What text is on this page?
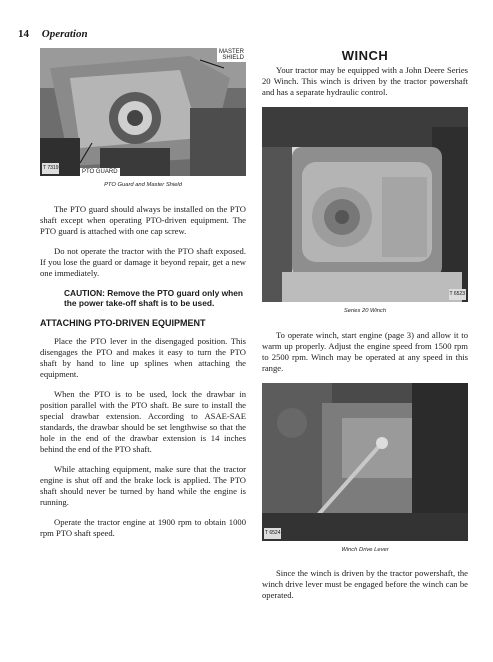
14 Operation
MASTER
SHIELD
PTO GUARD
T 7319
PTO Guard and Master Shield

The PTO guard should always be installed on the PTO shaft except when operating PTO-driven equipment. The PTO guard is attached with one cap screw.

Do not operate the tractor with the PTO shaft exposed. If you lose the guard or damage it beyond repair, get a new one immediately.

CAUTION: Remove the PTO guard only when the power take-off shaft is to be used.
ATTACHING PTO-DRIVEN EQUIPMENT

Place the PTO lever in the disengaged position. This disengages the PTO and makes it easy to turn the PTO shaft by hand to line up splines when attaching the equipment.

When the PTO is to be used, lock the drawbar in position parallel with the PTO shaft. Be sure to install the special drawbar extension. According to ASAE-SAE standards, the drawbar should be set lengthwise so that the hole in the end of the drawbar extension is 14 inches behind the end of the PTO shaft.

While attaching equipment, make sure that the tractor engine is shut off and the brake lock is applied. The PTO shaft should never be turned by hand while the engine is running.

Operate the tractor engine at 1900 rpm to obtain 1000 rpm PTO shaft speed.

WINCH

Your tractor may be equipped with a John Deere Series 20 Winch. This winch is driven by the tractor powershaft and has a separate hydraulic control.

T 6523
Series 20 Winch

To operate winch, start engine (page 3) and allow it to warm up properly. Adjust the engine speed from 1500 rpm to 2500 rpm. Winch may be operated at any speed in this range.

T 6524
Winch Drive Lever

Since the winch is driven by the tractor powershaft, the winch drive lever must be engaged before the winch can be operated.
